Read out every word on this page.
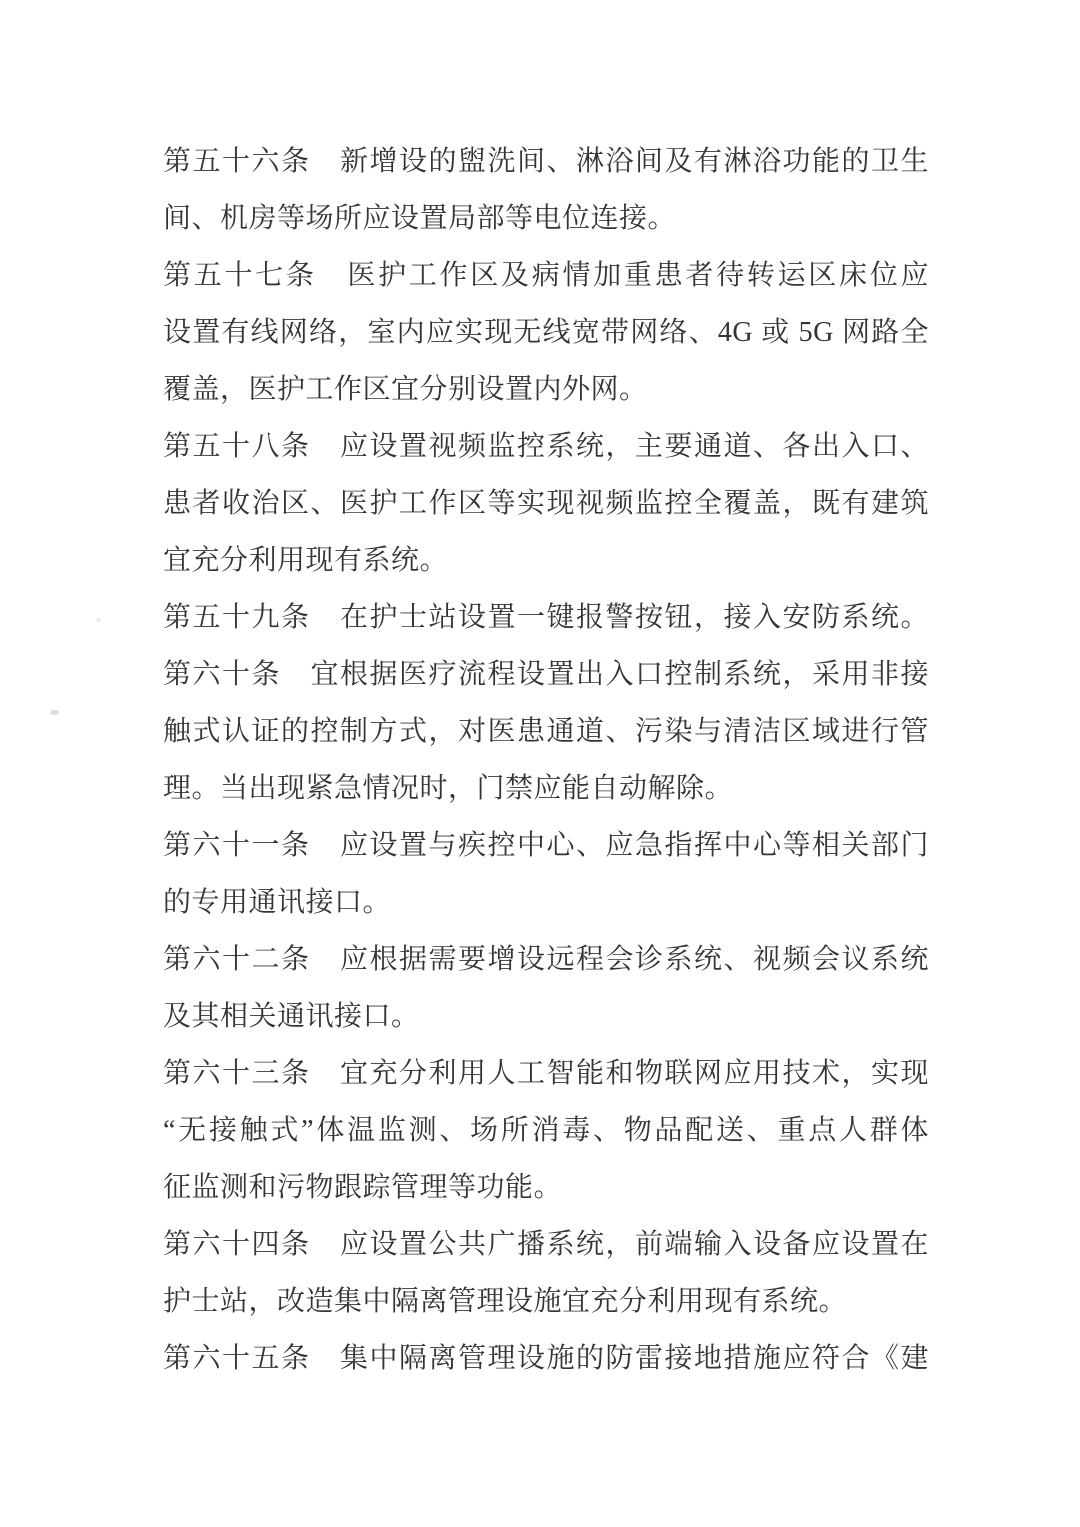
第五十六条　新增设的盥洗间、淋浴间及有淋浴功能的卫生
间、机房等场所应设置局部等电位连接。

第五十七条　医护工作区及病情加重患者待转运区床位应
设置有线网络，室内应实现无线宽带网络、4G 或 5G 网路全
覆盖，医护工作区宜分别设置内外网。

第五十八条　应设置视频监控系统，主要通道、各出入口、
患者收治区、医护工作区等实现视频监控全覆盖，既有建筑
宜充分利用现有系统。

第五十九条　在护士站设置一键报警按钮，接入安防系统。

第六十条　宜根据医疗流程设置出入口控制系统，采用非接
触式认证的控制方式，对医患通道、污染与清洁区域进行管
理。当出现紧急情况时，门禁应能自动解除。

第六十一条　应设置与疾控中心、应急指挥中心等相关部门
的专用通讯接口。

第六十二条　应根据需要增设远程会诊系统、视频会议系统
及其相关通讯接口。

第六十三条　宜充分利用人工智能和物联网应用技术，实现
“无接触式”体温监测、场所消毒、物品配送、重点人群体
征监测和污物跟踪管理等功能。

第六十四条　应设置公共广播系统，前端输入设备应设置在
护士站，改造集中隔离管理设施宜充分利用现有系统。

第六十五条　集中隔离管理设施的防雷接地措施应符合《建
